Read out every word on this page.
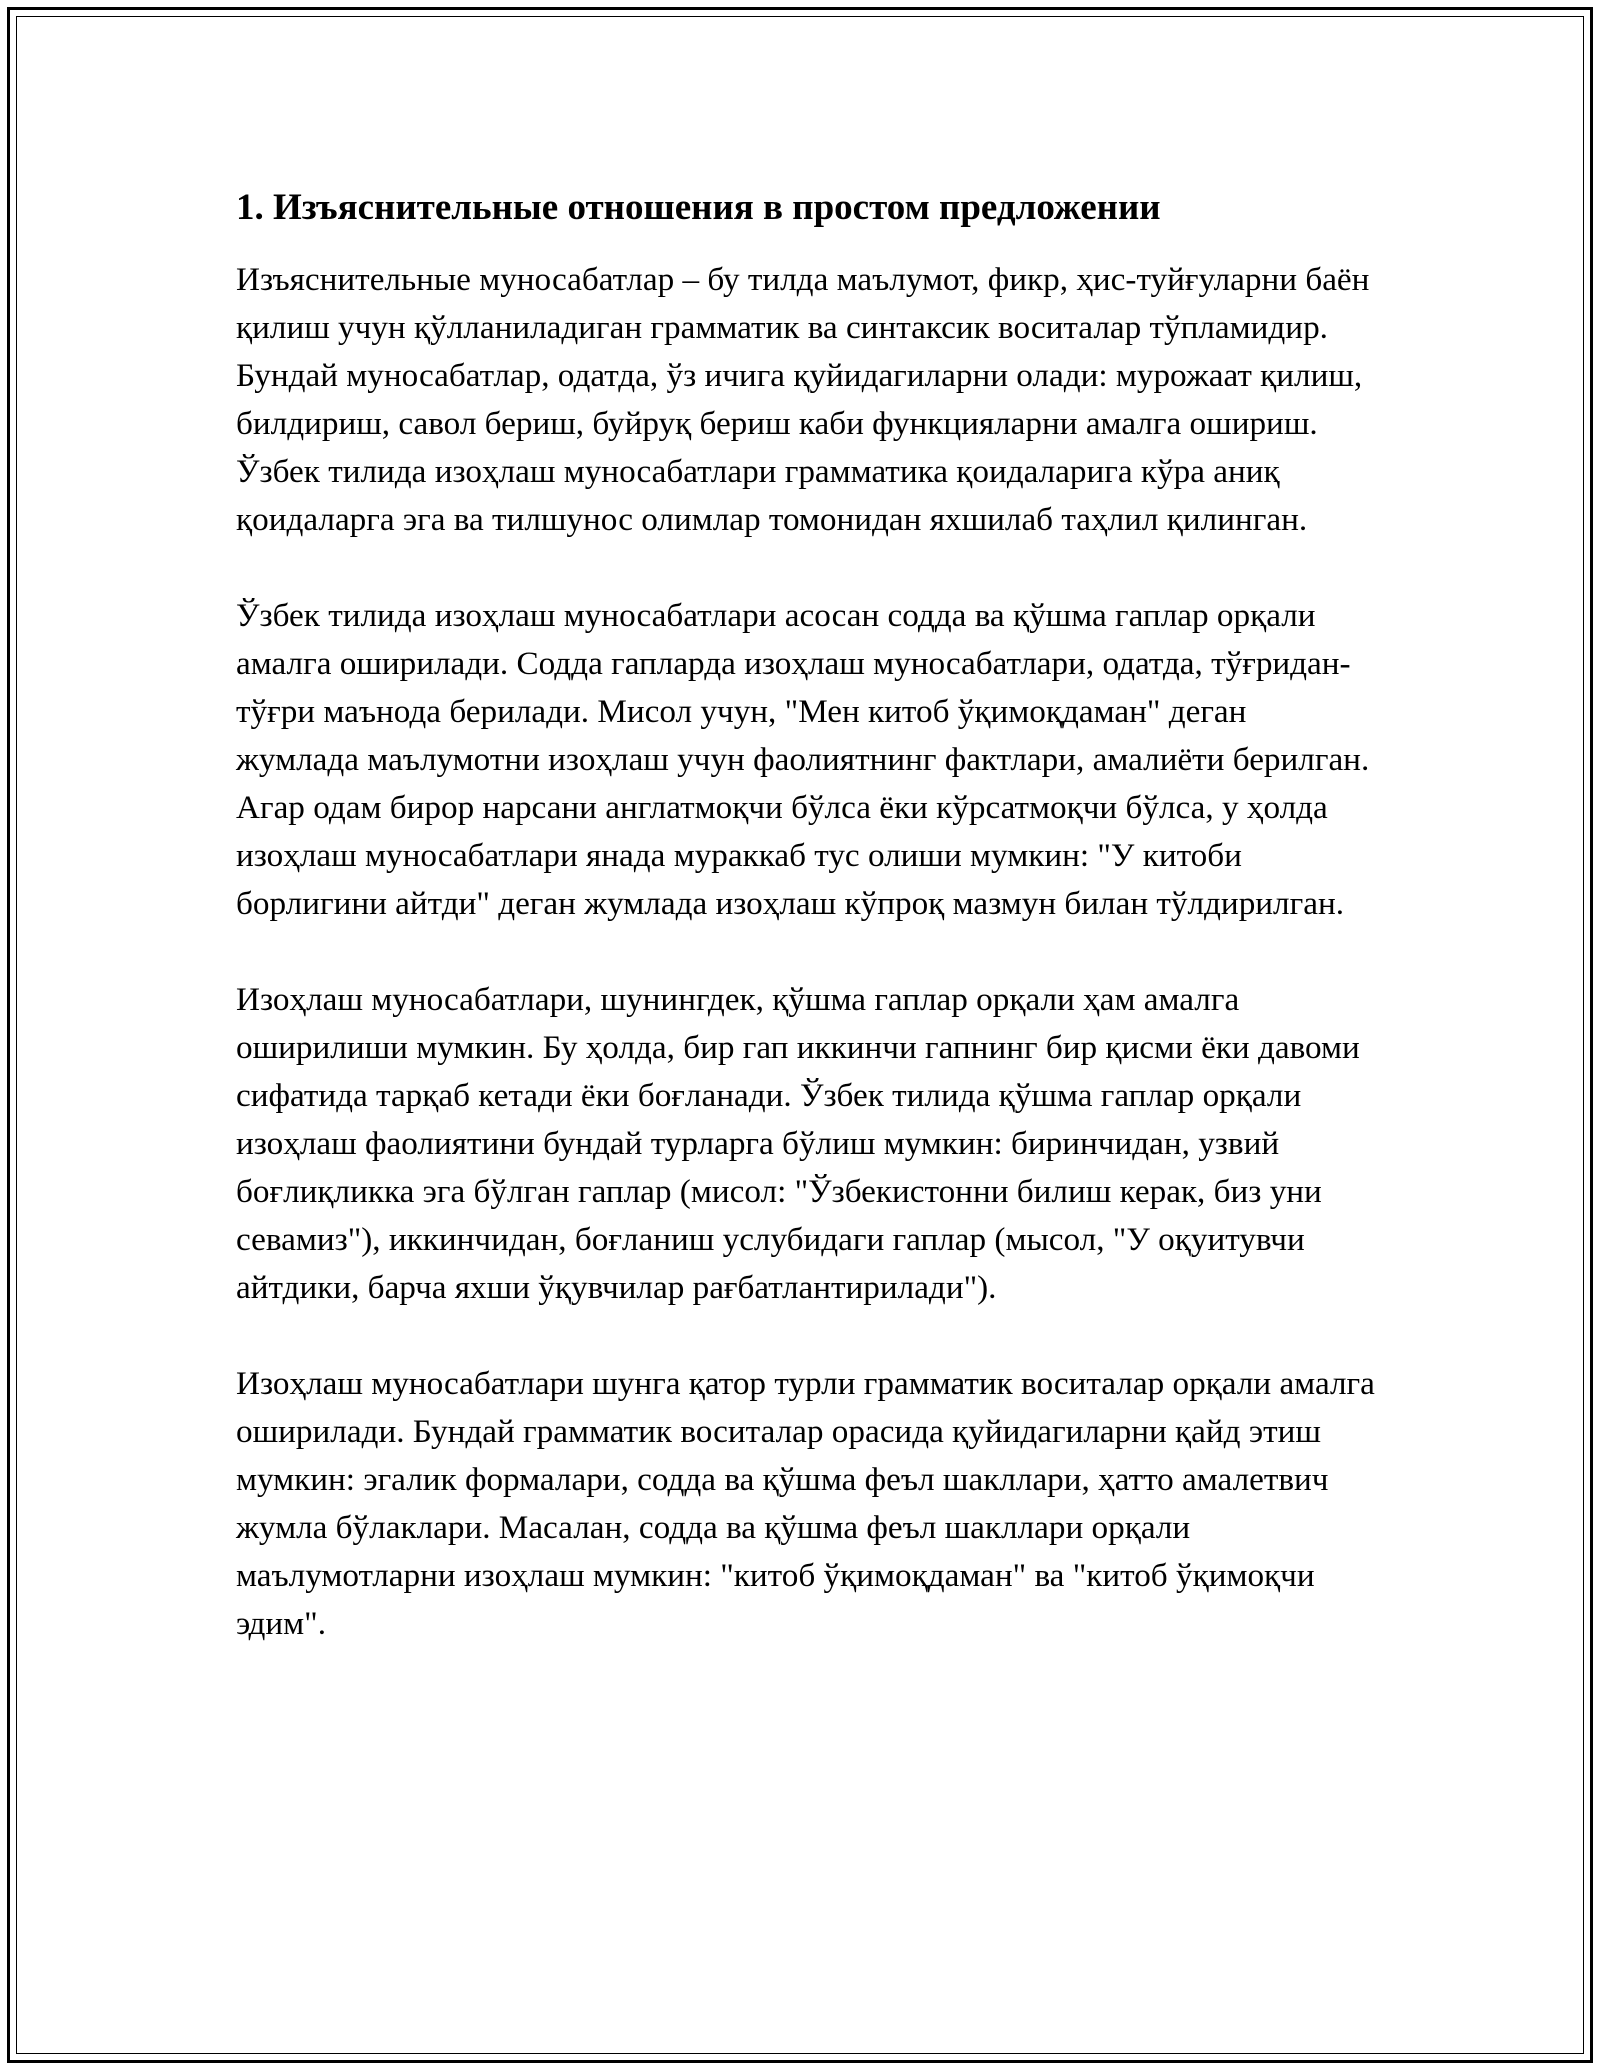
1. Изъяснительные отношения в простом предложении

Изъяснительные муносабатлар – бу тилда маълумот, фикр, ҳис-туйғуларни баён қилиш учун қўлланиладиган грамматик ва синтаксик воситалар тўпламидир. Бундай муносабатлар, одатда, ўз ичига қуйидагиларни олади: мурожаат қилиш, билдириш, савол бериш, буйруқ бериш каби функцияларни амалга ошириш. Ўзбек тилида изоҳлаш муносабатлари грамматика қоидаларига кўра аниқ қоидаларга эга ва тилшунос олимлар томонидан яхшилаб таҳлил қилинган.

Ўзбек тилида изоҳлаш муносабатлари асосан содда ва қўшма гаплар орқали амалга оширилади. Содда гапларда изоҳлаш муносабатлари, одатда, тўғридан-тўғри маънода берилади. Мисол учун, "Мен китоб ўқимоқдаман" деган жумлада маълумотни изоҳлаш учун фаолиятнинг фактлари, амалиёти берилган. Агар одам бирор нарсани англатмоқчи бўлса ёки кўрсатмоқчи бўлса, у ҳолда изоҳлаш муносабатлари янада мураккаб тус олиши мумкин: "У китоби борлигини айтди" деган жумлада изоҳлаш кўпроқ мазмун билан тўлдирилган.

Изоҳлаш муносабатлари, шунингдек, қўшма гаплар орқали ҳам амалга оширилиши мумкин. Бу ҳолда, бир гап иккинчи гапнинг бир қисми ёки давоми сифатида тарқаб кетади ёки боғланади. Ўзбек тилида қўшма гаплар орқали изоҳлаш фаолиятини бундай турларга бўлиш мумкин: биринчидан, узвий боғлиқликка эга бўлган гаплар (мисол: "Ўзбекистонни билиш керак, биз уни севамиз"), иккинчидан, боғланиш услубидаги гаплар (мысол, "У оқуитувчи айтдики, барча яхши ўқувчилар рағбатлантирилади").

Изоҳлаш муносабатлари шунга қатор турли грамматик воситалар орқали амалга оширилади. Бундай грамматик воситалар орасида қуйидагиларни қайд этиш мумкин: эгалик формалари, содда ва қўшма феъл шакллари, ҳатто амалетвич жумла бўлаклари. Масалан, содда ва қўшма феъл шакллари орқали маълумотларни изоҳлаш мумкин: "китоб ўқимоқдаман" ва "китоб ўқимоқчи эдим".
